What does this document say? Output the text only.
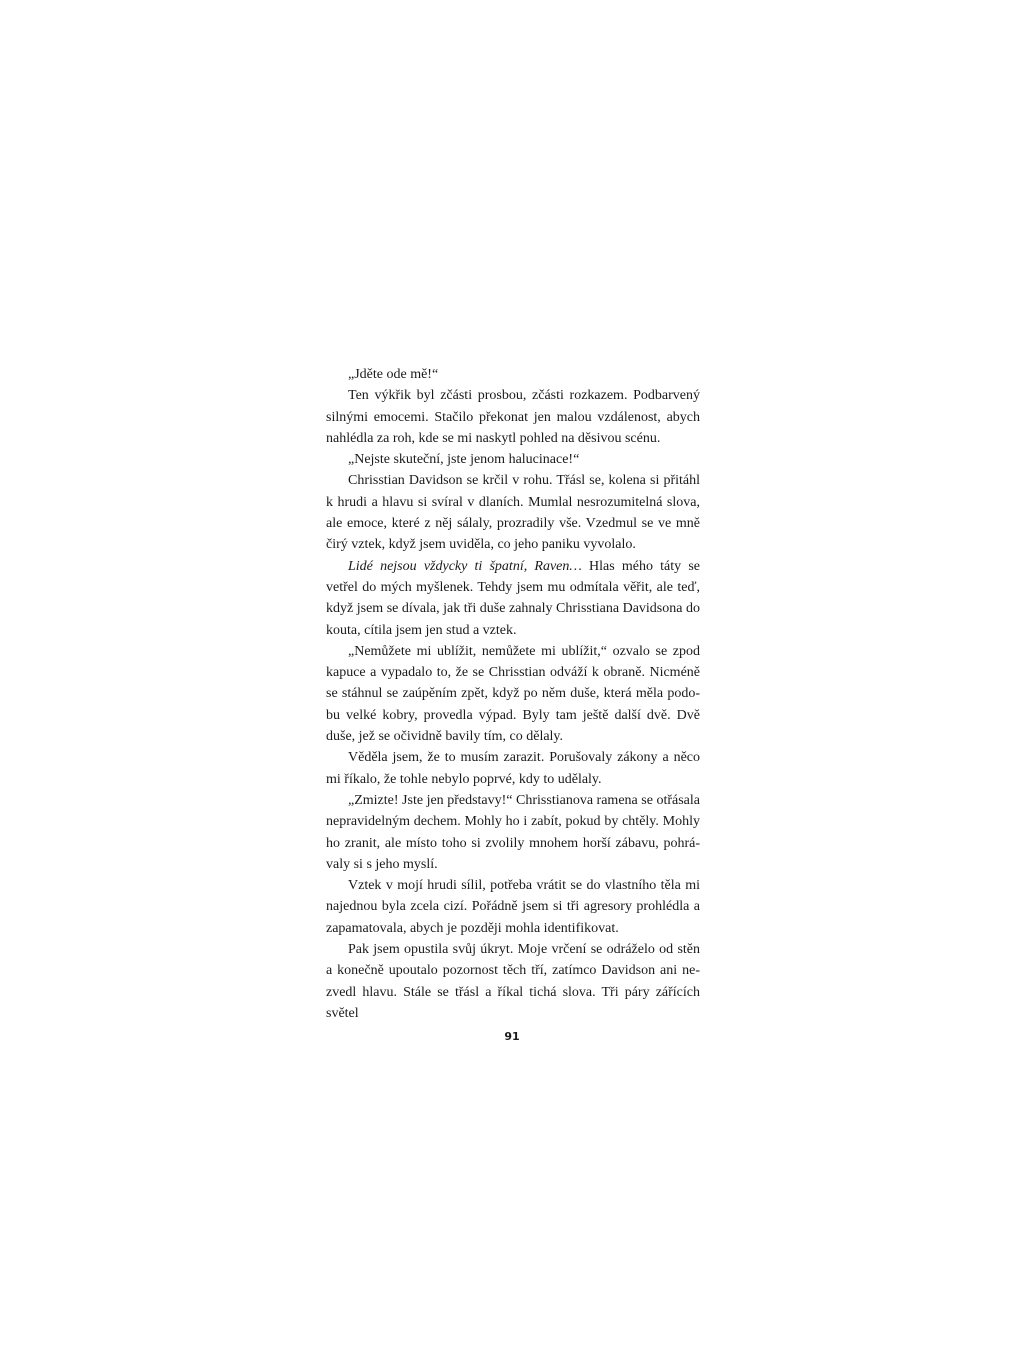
„Jděte ode mě!“

Ten výkřik byl zčásti prosbou, zčásti rozkazem. Podbarvený silnými emocemi. Stačilo překonat jen malou vzdálenost, abych nahlédla za roh, kde se mi naskytl pohled na děsivou scénu.

„Nejste skuteční, jste jenom halucinace!“

Chrisstian Davidson se krčil v rohu. Třásl se, kolena si přitáhl k hrudi a hlavu si svíral v dlaních. Mumlal nesrozumitelná slova, ale emoce, které z něj sálaly, prozradily vše. Vzedmul se ve mně čirý vztek, když jsem uviděla, co jeho paniku vyvolalo.

Lidé nejsou vždycky ti špatní, Raven… Hlas mého táty se vetřel do mých myšlenek. Tehdy jsem mu odmítala věřit, ale teď, když jsem se dívala, jak tři duše zahnaly Chrisstiana Davidsona do kouta, cítila jsem jen stud a vztek.

„Nemůžete mi ublížit, nemůžete mi ublížit,“ ozvalo se zpod kapuce a vypadalo to, že se Chrisstian odváží k obraně. Nicméně se stáhnul se zaúpěním zpět, když po něm duše, která měla podobu velké kobry, provedla výpad. Byly tam ještě další dvě. Dvě duše, jež se očividně bavily tím, co dělaly.

Věděla jsem, že to musím zarazit. Porušovaly zákony a něco mi říkalo, že tohle nebylo poprvé, kdy to udělaly.

„Zmizte! Jste jen představy!“ Chrisstianova ramena se otřásala nepravidelným dechem. Mohly ho i zabít, pokud by chtěly. Mohly ho zranit, ale místo toho si zvolily mnohem horší zábavu, pohrávaly si s jeho myslí.

Vztek v mojí hrudi sílil, potřeba vrátit se do vlastního těla mi najednou byla zcela cizí. Pořádně jsem si tři agresory prohlédla a zapamatovala, abych je později mohla identifikovat.

Pak jsem opustila svůj úkryt. Moje vrčení se odráželo od stěn a konečně upoutalo pozornost těch tří, zatímco Davidson ani nezvedl hlavu. Stále se třásl a říkal tichá slova. Tři páry zářících světel

91
